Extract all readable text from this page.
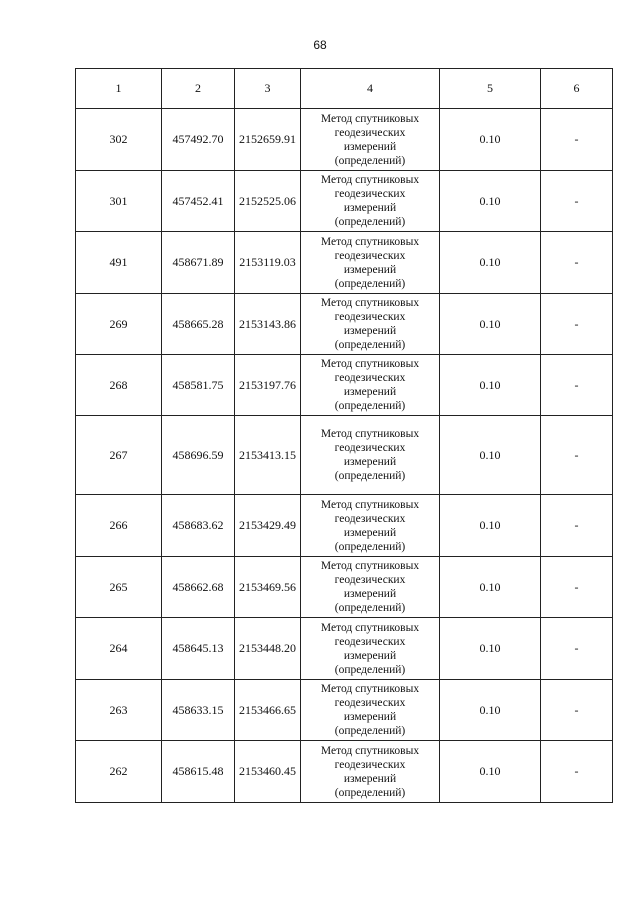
68
1	2	3	4	5	6
302	457492.70	2152659.91	Метод спутниковых
геодезических
измерений
(определений)	0.10	-
301	457452.41	2152525.06	Метод спутниковых
геодезических
измерений
(определений)	0.10	-
491	458671.89	2153119.03	Метод спутниковых
геодезических
измерений
(определений)	0.10	-
269	458665.28	2153143.86	Метод спутниковых
геодезических
измерений
(определений)	0.10	-
268	458581.75	2153197.76	Метод спутниковых
геодезических
измерений
(определений)	0.10	-
267	458696.59	2153413.15	Метод спутниковых
геодезических
измерений
(определений)	0.10	-
266	458683.62	2153429.49	Метод спутниковых
геодезических
измерений
(определений)	0.10	-
265	458662.68	2153469.56	Метод спутниковых
геодезических
измерений
(определений)	0.10	-
264	458645.13	2153448.20	Метод спутниковых
геодезических
измерений
(определений)	0.10	-
263	458633.15	2153466.65	Метод спутниковых
геодезических
измерений
(определений)	0.10	-
262	458615.48	2153460.45	Метод спутниковых
геодезических
измерений
(определений)	0.10	-
